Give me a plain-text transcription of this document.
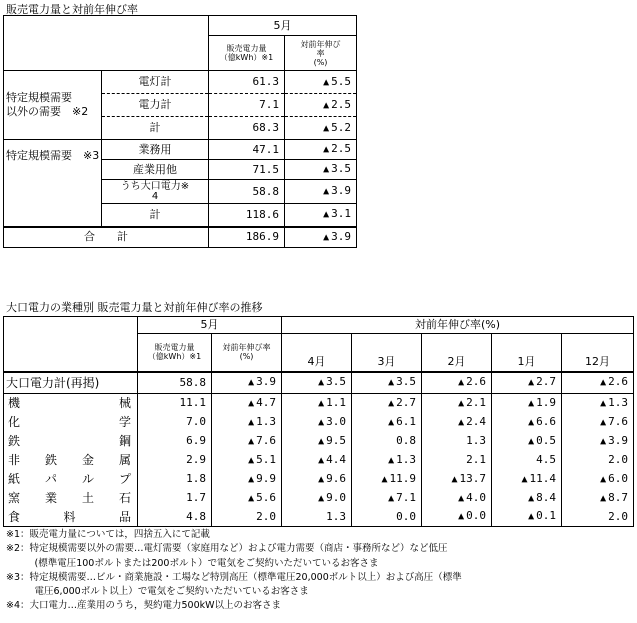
販売電力量と対前年伸び率
		5月	
		販売電力量
（億kWh）※1	対前年伸び
率
(%)
特定規模需要
以外の需要　※2	電灯計	61.3	▲ 5.5
	電力計	7.1	▲ 2.5
	計	68.3	▲ 5.2
特定規模需要　※3	業務用	47.1	▲ 2.5
	産業用他	71.5	▲ 3.5
	うち大口電力※
4	58.8	▲ 3.9
	計	118.6	▲ 3.1
合　　計		186.9	▲ 3.9
大口電力の業種別 販売電力量と対前年伸び率の推移
	5月		対前年伸び率(%)				
	販売電力量
（億kWh）※1	対前年伸び率
(%)	4月	3月	2月	1月	12月
大口電力計(再掲)	58.8	▲ 3.9	▲ 3.5	▲ 3.5	▲ 2.6	▲ 2.7	▲ 2.6
機械	11.1	▲ 4.7	▲ 1.1	▲ 2.7	▲ 2.1	▲ 1.9	▲ 1.3
化学	7.0	▲ 1.3	▲ 3.0	▲ 6.1	▲ 2.4	▲ 6.6	▲ 7.6
鉄鋼	6.9	▲ 7.6	▲ 9.5	0.8	1.3	▲ 0.5	▲ 3.9
非鉄金属	2.9	▲ 5.1	▲ 4.4	▲ 1.3	2.1	4.5	2.0
紙パルプ	1.8	▲ 9.9	▲ 9.6	▲ 11.9	▲ 13.7	▲ 11.4	▲ 6.0
窯業土石	1.7	▲ 5.6	▲ 9.0	▲ 7.1	▲ 4.0	▲ 8.4	▲ 8.7
食料品	4.8	2.0	1.3	0.0	▲ 0.0	▲ 0.1	2.0
※1：販売電力量については，四捨五入にて記載
※2：特定規模需要以外の需要…電灯需要（家庭用など）および電力需要（商店・事務所など）など低圧
　　　(標準電圧100ボルトまたは200ボルト）で電気をご契約いただいているお客さま
※3：特定規模需要…ビル・商業施設・工場など特別高圧（標準電圧20,000ボルト以上）および高圧（標準
　　　電圧6,000ボルト以上）で電気をご契約いただいているお客さま
※4：大口電力…産業用のうち，契約電力500kW以上のお客さま
